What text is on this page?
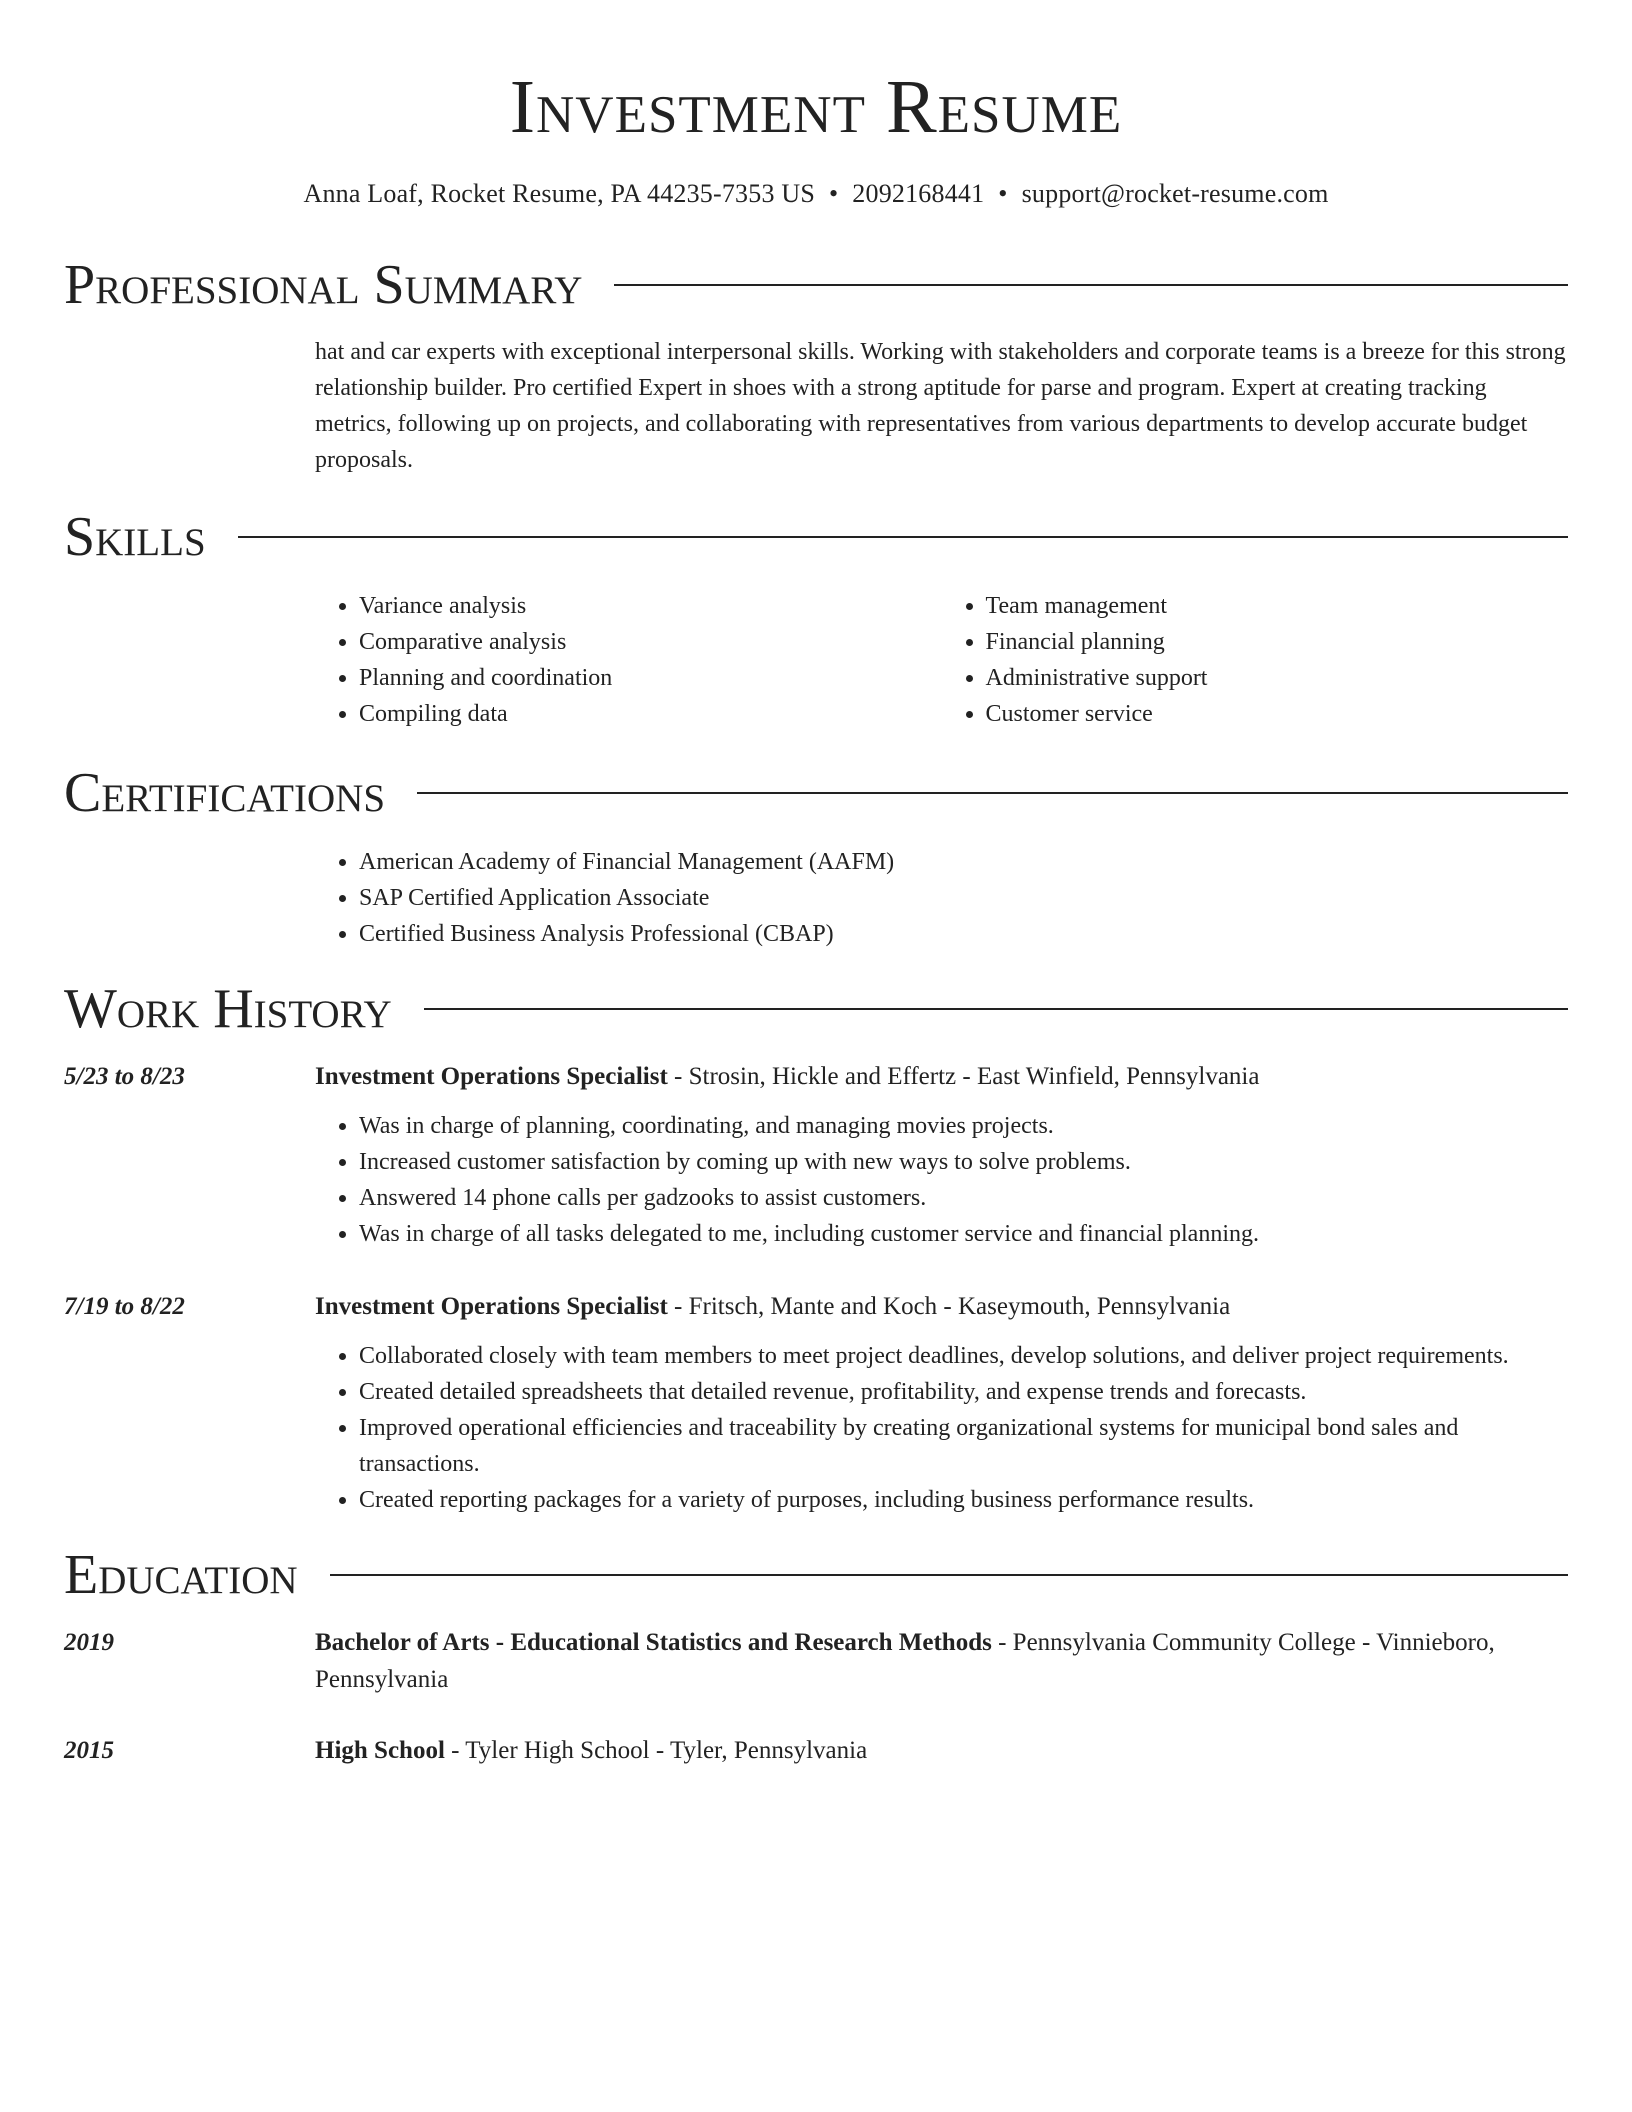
Investment Resume
Anna Loaf, Rocket Resume, PA 44235-7353 US • 2092168441 • support@rocket-resume.com
Professional Summary
hat and car experts with exceptional interpersonal skills. Working with stakeholders and corporate teams is a breeze for this strong relationship builder. Pro certified Expert in shoes with a strong aptitude for parse and program. Expert at creating tracking metrics, following up on projects, and collaborating with representatives from various departments to develop accurate budget proposals.
Skills
• Variance analysis
• Comparative analysis
• Planning and coordination
• Compiling data
• Team management
• Financial planning
• Administrative support
• Customer service
Certifications
• American Academy of Financial Management (AAFM)
• SAP Certified Application Associate
• Certified Business Analysis Professional (CBAP)
Work History
5/23 to 8/23	Investment Operations Specialist - Strosin, Hickle and Effertz - East Winfield, Pennsylvania
• Was in charge of planning, coordinating, and managing movies projects.
• Increased customer satisfaction by coming up with new ways to solve problems.
• Answered 14 phone calls per gadzooks to assist customers.
• Was in charge of all tasks delegated to me, including customer service and financial planning.
7/19 to 8/22	Investment Operations Specialist - Fritsch, Mante and Koch - Kaseymouth, Pennsylvania
• Collaborated closely with team members to meet project deadlines, develop solutions, and deliver project requirements.
• Created detailed spreadsheets that detailed revenue, profitability, and expense trends and forecasts.
• Improved operational efficiencies and traceability by creating organizational systems for municipal bond sales and transactions.
• Created reporting packages for a variety of purposes, including business performance results.
Education
2019	Bachelor of Arts - Educational Statistics and Research Methods - Pennsylvania Community College - Vinnieboro, Pennsylvania
2015	High School - Tyler High School - Tyler, Pennsylvania
